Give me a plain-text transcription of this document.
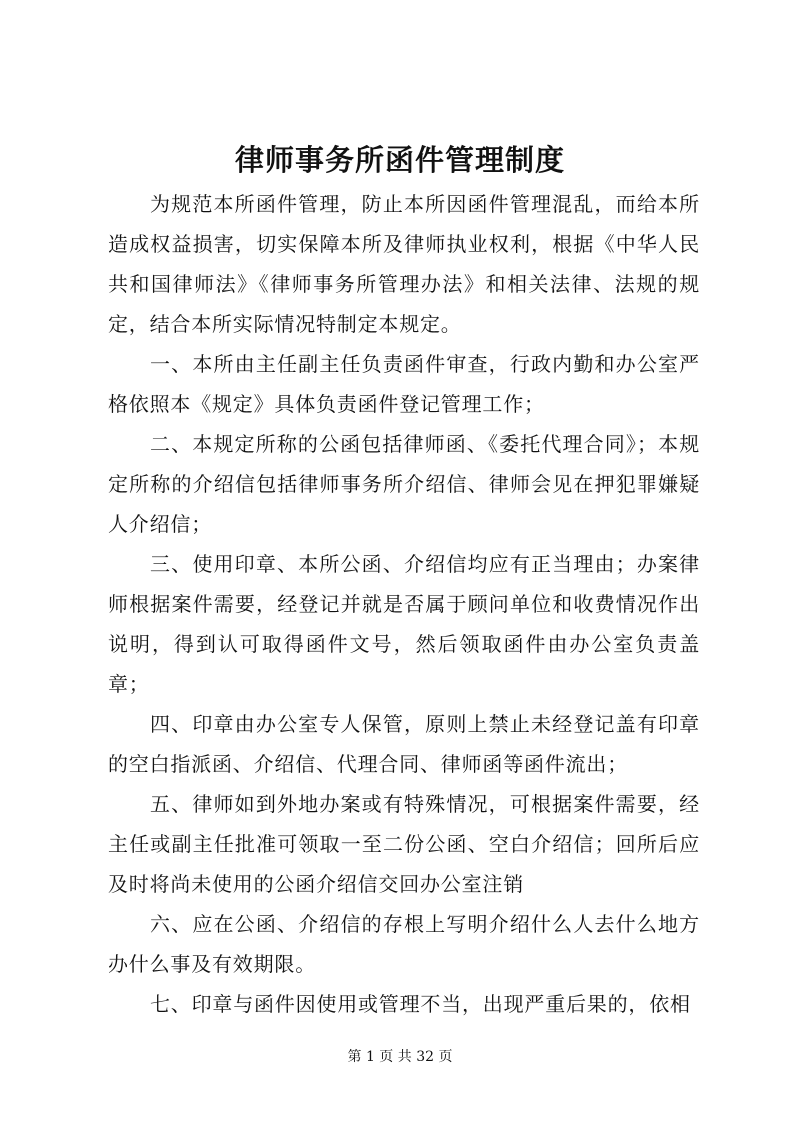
律师事务所函件管理制度

为规范本所函件管理，防止本所因函件管理混乱，而给本所造成权益损害，切实保障本所及律师执业权利，根据《中华人民共和国律师法》《律师事务所管理办法》和相关法律、法规的规定，结合本所实际情况特制定本规定。

一、本所由主任副主任负责函件审查，行政内勤和办公室严格依照本《规定》具体负责函件登记管理工作；

二、本规定所称的公函包括律师函、《委托代理合同》；本规定所称的介绍信包括律师事务所介绍信、律师会见在押犯罪嫌疑人介绍信；

三、使用印章、本所公函、介绍信均应有正当理由；办案律师根据案件需要，经登记并就是否属于顾问单位和收费情况作出说明，得到认可取得函件文号，然后领取函件由办公室负责盖章；

四、印章由办公室专人保管，原则上禁止未经登记盖有印章的空白指派函、介绍信、代理合同、律师函等函件流出；

五、律师如到外地办案或有特殊情况，可根据案件需要，经主任或副主任批准可领取一至二份公函、空白介绍信；回所后应及时将尚未使用的公函介绍信交回办公室注销

六、应在公函、介绍信的存根上写明介绍什么人去什么地方办什么事及有效期限。

七、印章与函件因使用或管理不当，出现严重后果的，依相

第 1 页 共 32 页
